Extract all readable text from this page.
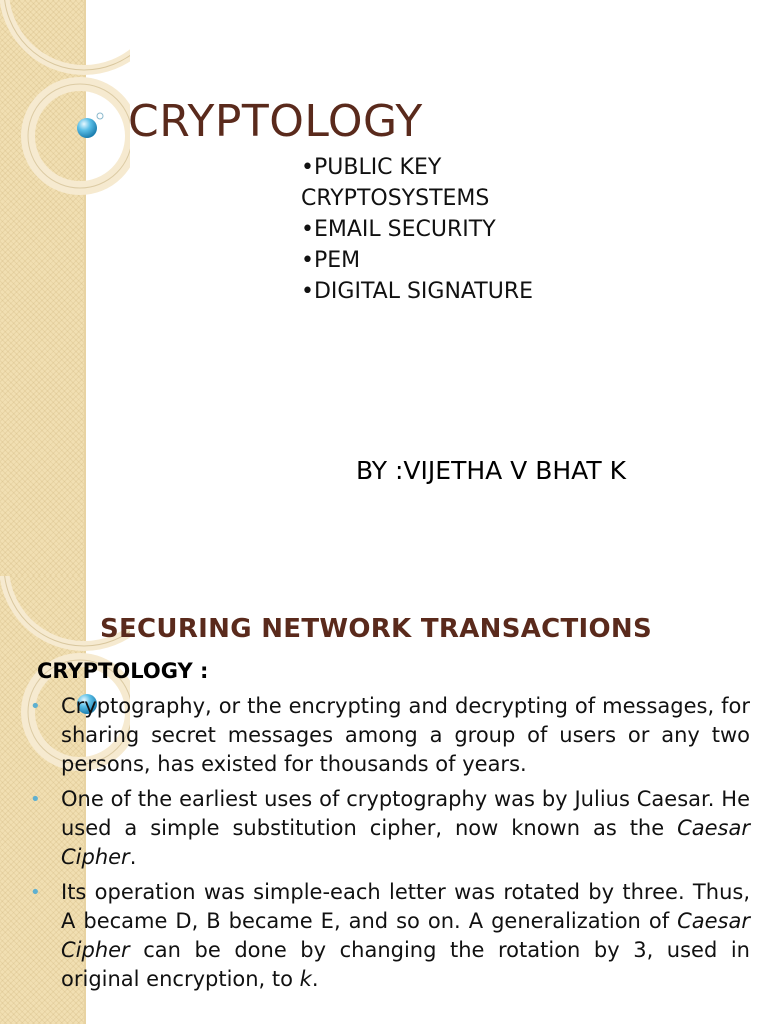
CRYPTOLOGY
•PUBLIC KEY
CRYPTOSYSTEMS
•EMAIL SECURITY
•PEM
•DIGITAL SIGNATURE
BY :VIJETHA V BHAT K
SECURING NETWORK TRANSACTIONS
CRYPTOLOGY :
• Cryptography, or the encrypting and decrypting of messages, for sharing secret messages among a group of users or any two persons, has existed for thousands of years.
• One of the earliest uses of cryptography was by Julius Caesar. He used a simple substitution cipher, now known as the Caesar Cipher.
• Its operation was simple-each letter was rotated by three. Thus, A became D, B became E, and so on. A generalization of Caesar Cipher can be done by changing the rotation by 3, used in original encryption, to k.
